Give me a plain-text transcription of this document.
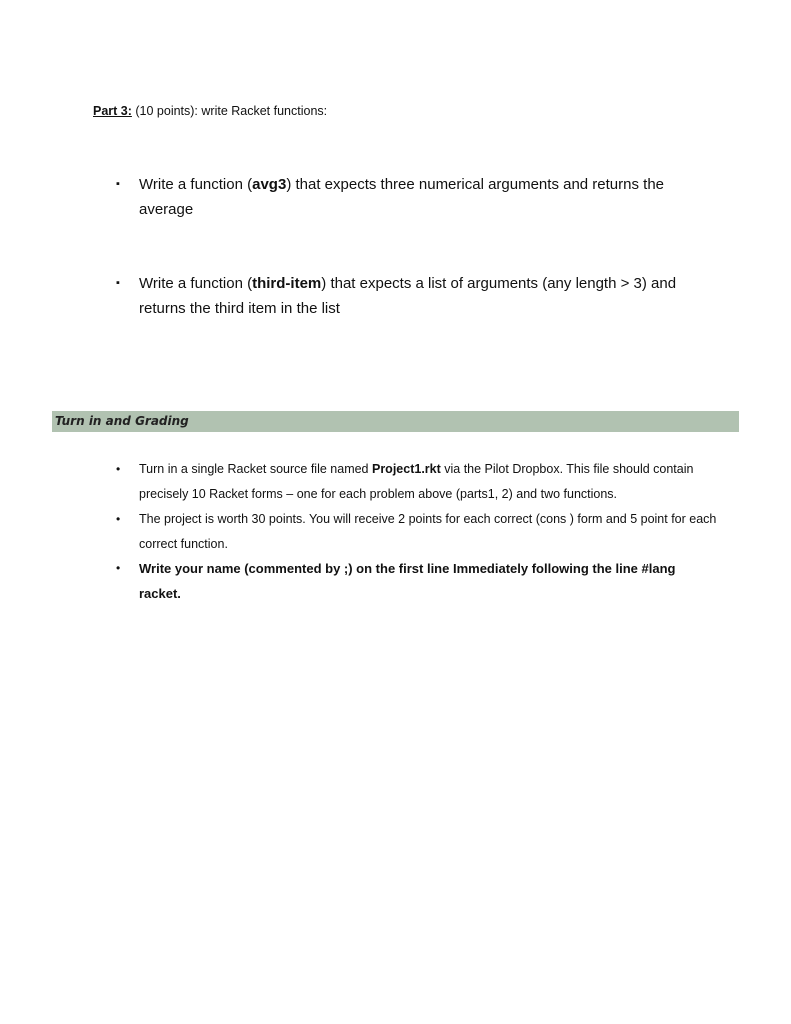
Part 3: (10 points): write Racket functions:
▪ Write a function (avg3) that expects three numerical arguments and returns the average
▪ Write a function (third-item) that expects a list of arguments (any length > 3) and returns the third item in the list
Turn in and Grading
• Turn in a single Racket source file named Project1.rkt via the Pilot Dropbox. This file should contain precisely 10 Racket forms – one for each problem above (parts1, 2) and two functions.
• The project is worth 30 points. You will receive 2 points for each correct (cons ) form and 5 point for each correct function.
• Write your name (commented by ;) on the first line Immediately following the line #lang racket.
